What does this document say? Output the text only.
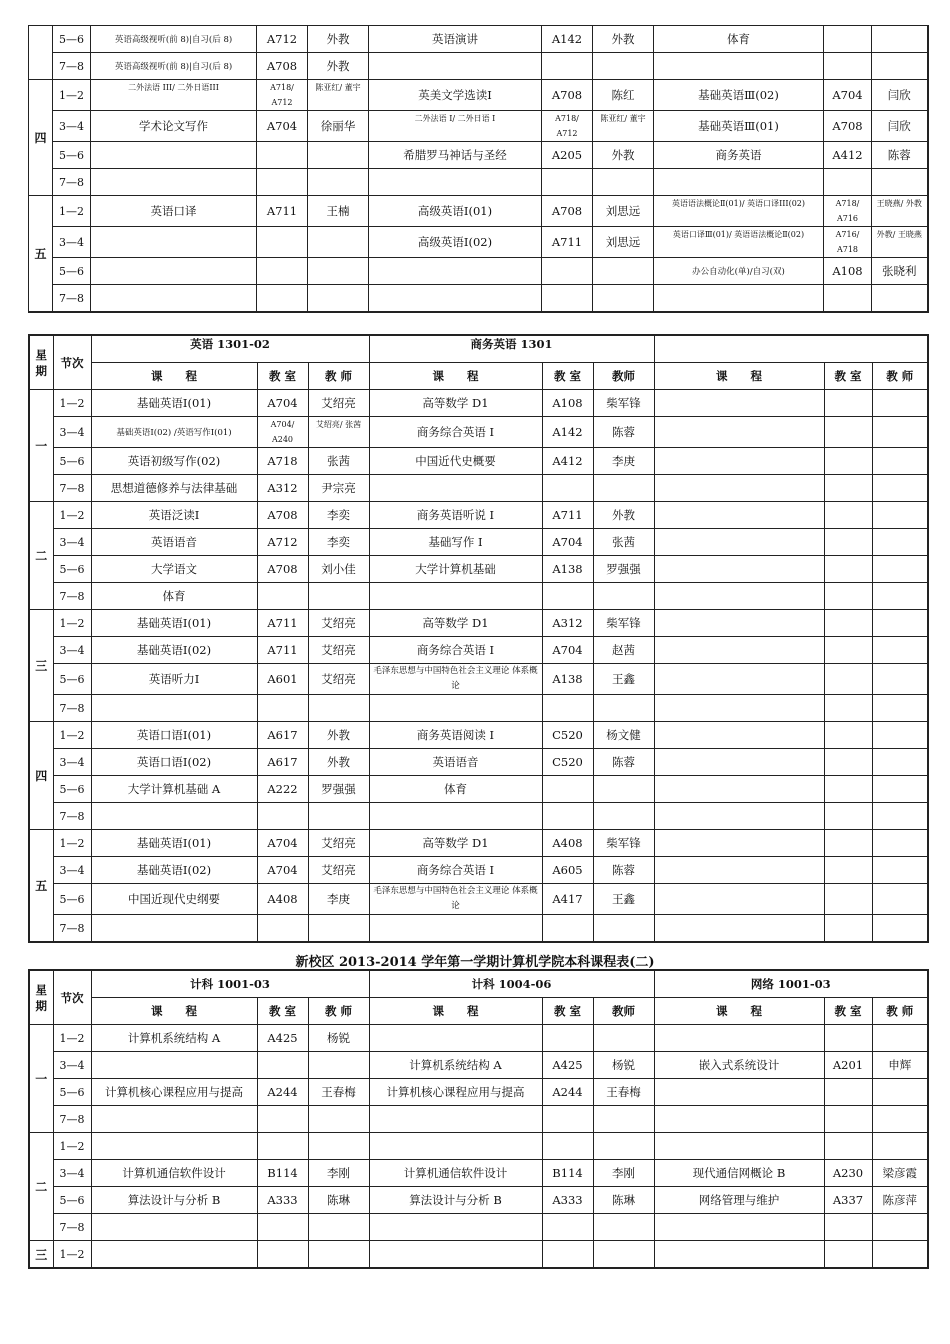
	5—6	英语高级视听(前 8)|自习(后 8)	A712	外教	英语演讲	A142	外教	体育		
	7—8	英语高级视听(前 8)|自习(后 8)	A708	外教						
四	1—2	二外法语 III/ 二外日语III	A718/ A712	陈亚红/ 董宇	英美文学选读Ⅰ	A708	陈红	基础英语Ⅲ(02)	A704	闫欣
	3—4	学术论文写作	A704	徐丽华	二外法语 I/ 二外日语 I	A718/ A712	陈亚红/ 董宇	基础英语Ⅲ(01)	A708	闫欣
	5—6				希腊罗马神话与圣经	A205	外教	商务英语	A412	陈蓉
	7—8									
五	1—2	英语口译	A711	王楠	高级英语Ⅰ(01)	A708	刘思远	英语语法概论Ⅱ(01)/ 英语口译III(02)	A718/ A716	王晓燕/ 外教
	3—4				高级英语Ⅰ(02)	A711	刘思远	英语口译Ⅲ(01)/ 英语语法概论Ⅱ(02)	A716/ A718	外教/ 王晓燕
	5—6							办公自动化(单)/自习(双)	A108	张晓利
	7—8									
星期	节次	英语 1301-02			商务英语 1301					
		课　　程	教 室	教 师	课　　程	教 室	教师	课　　程	教 室	教 师
一	1—2	基础英语Ⅰ(01)	A704	艾绍亮	高等数学 D1	A108	柴军锋			
	3—4	基础英语Ⅰ(02) /英语写作Ⅰ(01)	A704/ A240	艾绍亮/ 张茜	商务综合英语 I	A142	陈蓉			
	5—6	英语初级写作(02)	A718	张茜	中国近代史概要	A412	李庚			
	7—8	思想道德修养与法律基础	A312	尹宗亮						
二	1—2	英语泛读Ⅰ	A708	李奕	商务英语听说 I	A711	外教			
	3—4	英语语音	A712	李奕	基础写作 I	A704	张茜			
	5—6	大学语文	A708	刘小佳	大学计算机基础	A138	罗强强			
	7—8	体育								
三	1—2	基础英语Ⅰ(01)	A711	艾绍亮	高等数学 D1	A312	柴军锋			
	3—4	基础英语Ⅰ(02)	A711	艾绍亮	商务综合英语 I	A704	赵茜			
	5—6	英语听力Ⅰ	A601	艾绍亮	毛泽东思想与中国特色社会主义理论 体系概论	A138	王鑫			
	7—8									
四	1—2	英语口语Ⅰ(01)	A617	外教	商务英语阅读 I	C520	杨文健			
	3—4	英语口语Ⅰ(02)	A617	外教	英语语音	C520	陈蓉			
	5—6	大学计算机基础 A	A222	罗强强	体育					
	7—8									
五	1—2	基础英语Ⅰ(01)	A704	艾绍亮	高等数学 D1	A408	柴军锋			
	3—4	基础英语Ⅰ(02)	A704	艾绍亮	商务综合英语 I	A605	陈蓉			
	5—6	中国近现代史纲要	A408	李庚	毛泽东思想与中国特色社会主义理论 体系概论	A417	王鑫			
	7—8									
新校区 2013-2014 学年第一学期计算机学院本科课程表(二)
星期	节次	计科 1001-03			计科 1004-06			网络 1001-03		
		课　　程	教 室	教 师	课　　程	教 室	教师	课　　程	教 室	教 师
一	1—2	计算机系统结构 A	A425	杨锐						
	3—4				计算机系统结构 A	A425	杨锐	嵌入式系统设计	A201	申辉
	5—6	计算机核心课程应用与提高	A244	王春梅	计算机核心课程应用与提高	A244	王春梅			
	7—8									
二	1—2									
	3—4	计算机通信软件设计	B114	李刚	计算机通信软件设计	B114	李刚	现代通信网概论 B	A230	梁彦霞
	5—6	算法设计与分析 B	A333	陈琳	算法设计与分析 B	A333	陈琳	网络管理与维护	A337	陈彦萍
	7—8									
三	1—2									
